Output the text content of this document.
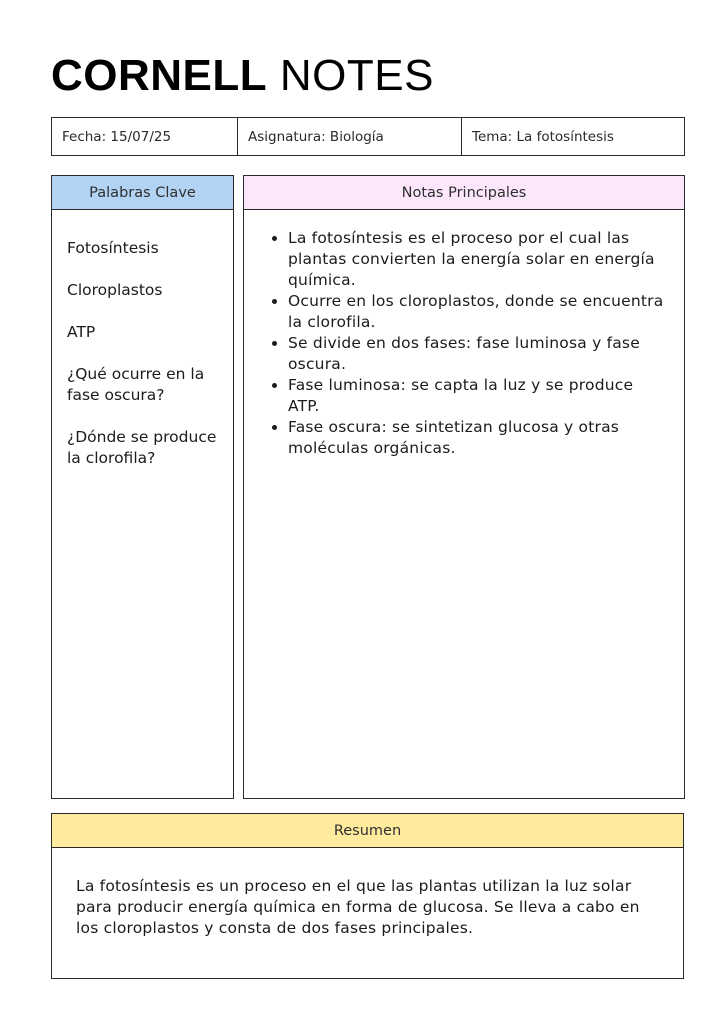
CORNELL NOTES
Fecha: 15/07/25	Asignatura: Biología	Tema: La fotosíntesis
Palabras Clave
Fotosíntesis
Cloroplastos
ATP
¿Qué ocurre en la fase oscura?
¿Dónde se produce la clorofila?
Notas Principales
• La fotosíntesis es el proceso por el cual las plantas convierten la energía solar en energía química.
• Ocurre en los cloroplastos, donde se encuentra la clorofila.
• Se divide en dos fases: fase luminosa y fase oscura.
• Fase luminosa: se capta la luz y se produce ATP.
• Fase oscura: se sintetizan glucosa y otras moléculas orgánicas.
Resumen

La fotosíntesis es un proceso en el que las plantas utilizan la luz solar para producir energía química en forma de glucosa. Se lleva a cabo en los cloroplastos y consta de dos fases principales.
